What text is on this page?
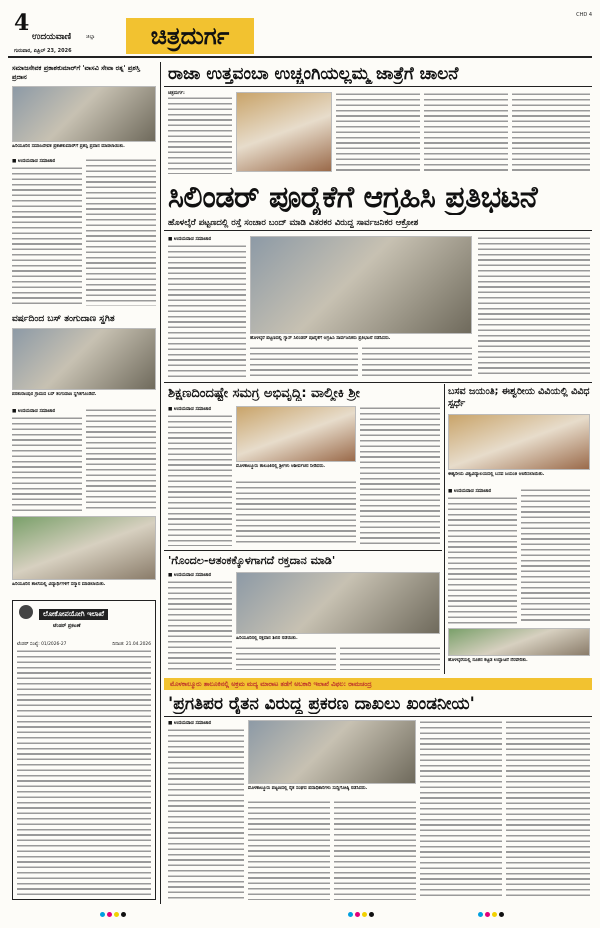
4
ಉದಯವಾಣಿ	ಜಿಲ್ಲಾ
ಗುರುವಾರ, ಏಪ್ರಿಲ್ 23, 2026
ಚಿತ್ರದುರ್ಗ
CHD 4
ರಾಜಾ ಉತ್ತವಂಬಾ ಉಚ್ಚಂಗಿಯಲ್ಲಮ್ಮ ಜಾತ್ರೆಗೆ ಚಾಲನೆ
ಚಿತ್ರದುರ್ಗ:
ಸಮಾಜಸೇವಕ ಪ್ರಕಾಶಕುಮಾರ್‌ಗೆ 'ವಾಸವಿ ಸೇವಾ ರತ್ನ' ಪ್ರಶಸ್ತಿ ಪ್ರದಾನ
ಹಿರಿಯೂರಿನ ಸಮಾಜಸೇವಕ ಪ್ರಕಾಶಕುಮಾರ್‌ಗೆ ಪ್ರಶಸ್ತಿ ಪ್ರದಾನ ಮಾಡಲಾಯಿತು.
■ ಉದಯವಾಣಿ ಸಮಾಚಾರ
ವರ್ಷದಿಂದ ಬಸ್ ತಂಗುದಾಣ ಸ್ಥಗಿತ
ಪರಶುರಾಂಪುರ ಗ್ರಾಮದ ಬಸ್ ತಂಗುದಾಣ ಸ್ಥಗಿತಗೊಂಡಿದೆ.
■ ಉದಯವಾಣಿ ಸಮಾಚಾರ
ಹಿರಿಯೂರಿನ ಶಾಲೆಯಲ್ಲಿ ವಿದ್ಯಾರ್ಥಿಗಳಿಗೆ ಸನ್ಮಾನ ಮಾಡಲಾಯಿತು.
ಲೋಕೋಪಯೋಗಿ ಇಲಾಖೆ
ಟೆಂಡರ್ ಪ್ರಕಟಣೆ
ಟೆಂಡರ್ ಸಂಖ್ಯೆ: 01/2026-27	ದಿನಾಂಕ: 21.04.2026
ಸಿಲಿಂಡರ್ ಪೂರೈಕೆಗೆ ಆಗ್ರಹಿಸಿ ಪ್ರತಿಭಟನೆ
ಹೊಳಲ್ಕೆರೆ ಪಟ್ಟಣದಲ್ಲಿ ರಸ್ತೆ ಸಂಚಾರ ಬಂದ್ ಮಾಡಿ ವಿತರಕರ ವಿರುದ್ಧ ಸಾರ್ವಜನಿಕರ ಆಕ್ರೋಶ
■ ಉದಯವಾಣಿ ಸಮಾಚಾರ
ಹೊಳಲ್ಕೆರೆ ಪಟ್ಟಣದಲ್ಲಿ ಗ್ಯಾಸ್ ಸಿಲಿಂಡರ್ ಪೂರೈಕೆಗೆ ಆಗ್ರಹಿಸಿ ಸಾರ್ವಜನಿಕರು ಪ್ರತಿಭಟನೆ ನಡೆಸಿದರು.
ಶಿಕ್ಷಣದಿಂದಷ್ಟೇ ಸಮಗ್ರ ಅಭಿವೃದ್ಧಿ: ವಾಲ್ಮೀಕಿ ಶ್ರೀ
■ ಉದಯವಾಣಿ ಸಮಾಚಾರ
ಮೊಳಕಾಲ್ಮೂರು ತಾಲೂಕಿನಲ್ಲಿ ಶ್ರೀಗಳು ಆಶೀರ್ವಚನ ನೀಡಿದರು.
ಬಸವ ಜಯಂತಿ; ಈಶ್ವರೀಯ ವಿವಿಯಲ್ಲಿ ವಿವಿಧ ಸ್ಪರ್ಧೆ
ಈಶ್ವರೀಯ ವಿಶ್ವವಿದ್ಯಾಲಯದಲ್ಲಿ ಬಸವ ಜಯಂತಿ ಆಚರಿಸಲಾಯಿತು.
■ ಉದಯವಾಣಿ ಸಮಾಚಾರ
ಹೊಳಲ್ಕೆರೆಯಲ್ಲಿ ನೂತನ ಕಟ್ಟಡ ಉದ್ಘಾಟನೆ ನೆರವೇರಿತು.
'ಗೊಂದಲ-ಆತಂಕಕ್ಕೊಳಗಾಗದೆ ರಕ್ತದಾನ ಮಾಡಿ'
■ ಉದಯವಾಣಿ ಸಮಾಚಾರ
ಹಿರಿಯೂರಿನಲ್ಲಿ ರಕ್ತದಾನ ಶಿಬಿರ ನಡೆಯಿತು.
ಮೊಳಕಾಲ್ಮೂರು ತಾಲೂಕಿನಲ್ಲಿ ಅಕ್ರಮ ಮದ್ಯ ಮಾರಾಟ ತಡೆಗೆ ಅಬಕಾರಿ ಇಲಾಖೆ ವಿಫಲ: ರಾಮಚಂದ್ರ
'ಪ್ರಗತಿಪರ ರೈತನ ವಿರುದ್ಧ ಪ್ರಕರಣ ದಾಖಲು ಖಂಡನೀಯ'
■ ಉದಯವಾಣಿ ಸಮಾಚಾರ
ಮೊಳಕಾಲ್ಮೂರು ಪಟ್ಟಣದಲ್ಲಿ ರೈತ ಸಂಘದ ಪದಾಧಿಕಾರಿಗಳು ಸುದ್ದಿಗೋಷ್ಠಿ ನಡೆಸಿದರು.
